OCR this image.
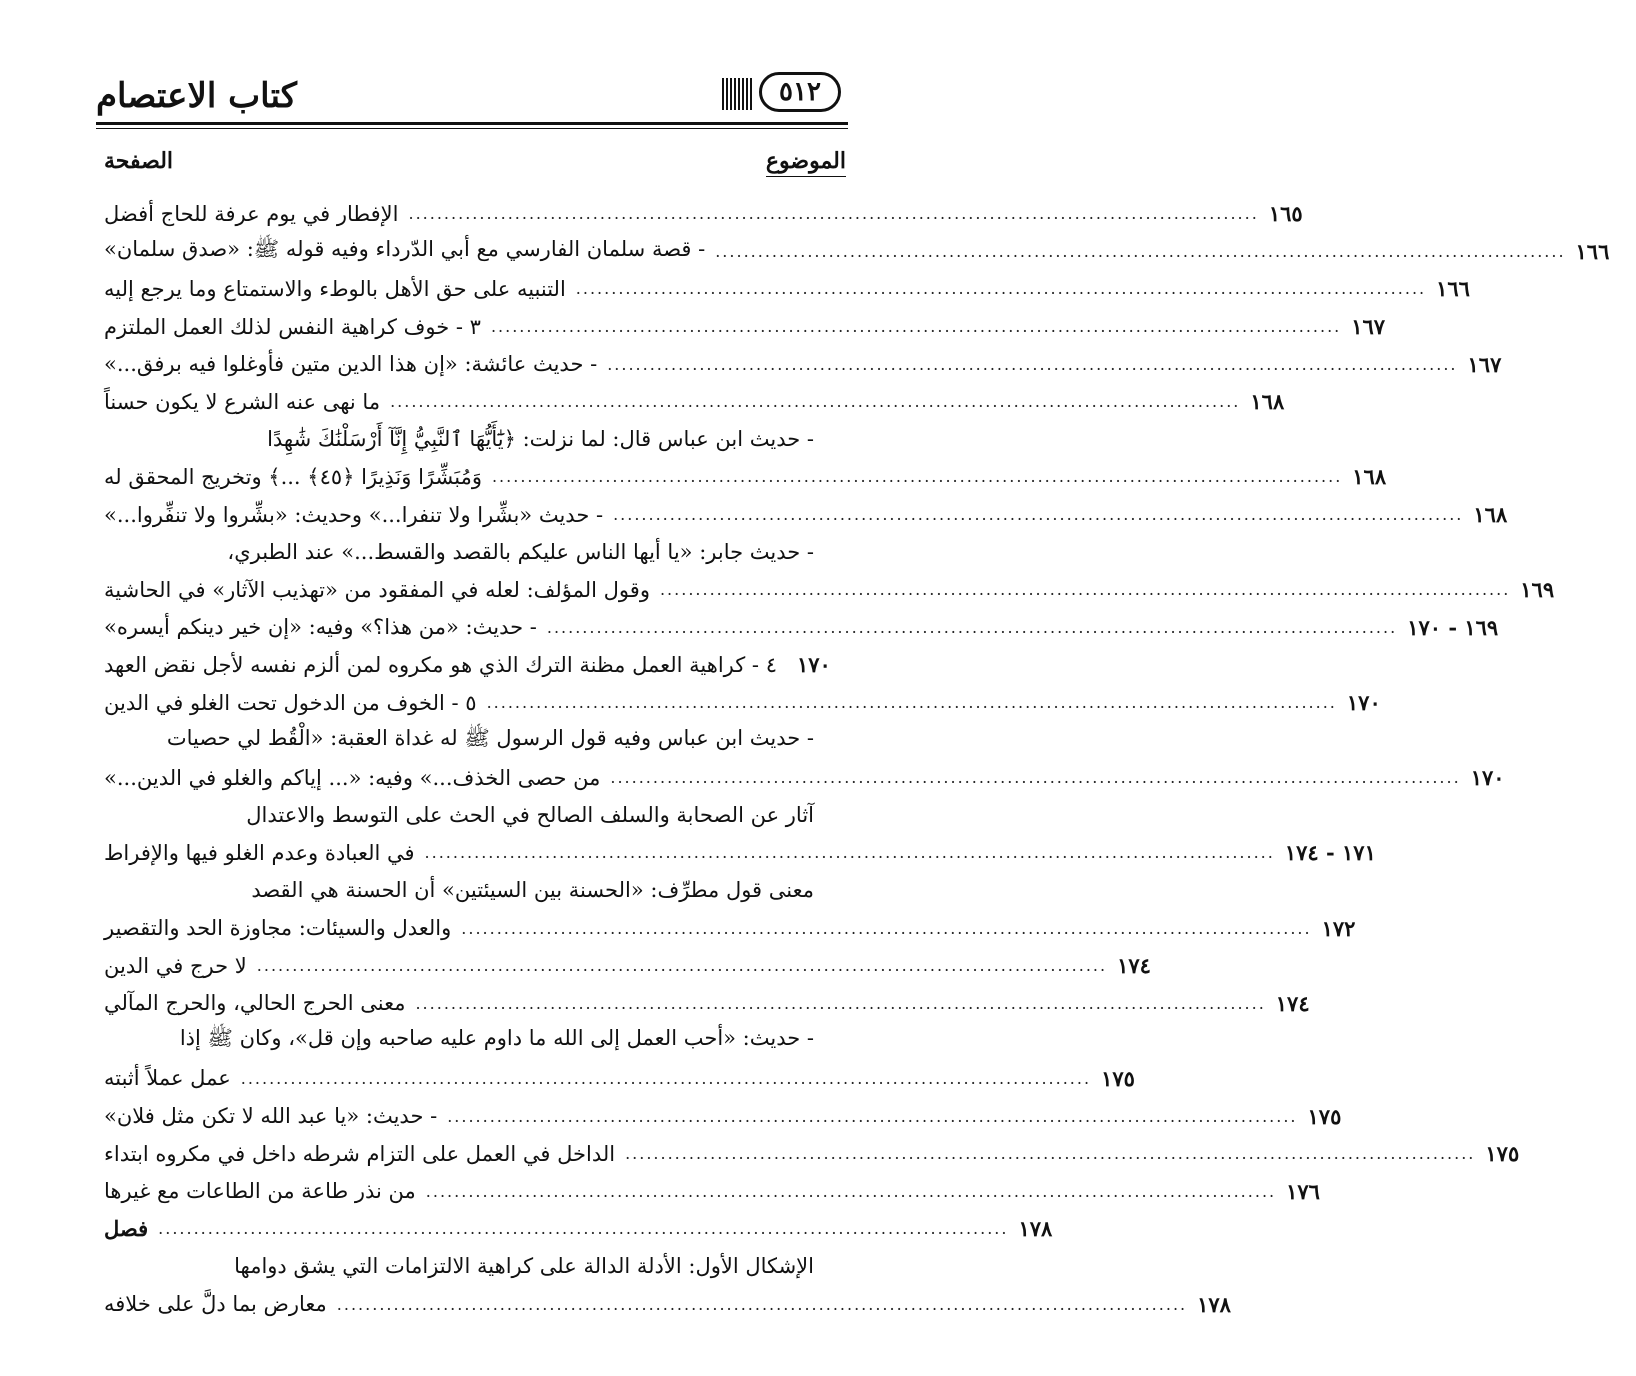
كتاب الاعتصام	٥١٢
الموضوع
الصفحة
الإفطار في يوم عرفة للحاج أفضل ........................................................................................................................ ١٦٥
- قصة سلمان الفارسي مع أبي الدّرداء وفيه قوله ﷺ: «صدق سلمان» ........................................................................................................................ ١٦٦
التنبيه على حق الأهل بالوطء والاستمتاع وما يرجع إليه ........................................................................................................................ ١٦٦
٣ - خوف كراهية النفس لذلك العمل الملتزم ........................................................................................................................ ١٦٧
- حديث عائشة: «إن هذا الدين متين فأوغلوا فيه برفق...» ........................................................................................................................ ١٦٧
ما نهى عنه الشرع لا يكون حسناً ........................................................................................................................ ١٦٨
- حديث ابن عباس قال: لما نزلت: ﴿يَٰٓأَيُّهَا ٱلنَّبِيُّ إِنَّآ أَرْسَلْنَٰكَ شَٰهِدًا
وَمُبَشِّرًا وَنَذِيرًا ﴿٤٥﴾ ...﴾ وتخريج المحقق له ........................................................................................................................ ١٦٨
- حديث «بشِّرا ولا تنفرا...» وحديث: «بشِّروا ولا تنفِّروا...» ........................................................................................................................ ١٦٨
- حديث جابر: «يا أيها الناس عليكم بالقصد والقسط...» عند الطبري،
وقول المؤلف: لعله في المفقود من «تهذيب الآثار» في الحاشية ........................................................................................................................ ١٦٩
- حديث: «من هذا؟» وفيه: «إن خير دينكم أيسره» ........................................................................................................................ ١٦٩ - ١٧٠
٤ - كراهية العمل مظنة الترك الذي هو مكروه لمن ألزم نفسه لأجل نقض العهد ١٧٠
٥ - الخوف من الدخول تحت الغلو في الدين ........................................................................................................................ ١٧٠
- حديث ابن عباس وفيه قول الرسول ﷺ له غداة العقبة: «الْقُط لي حصيات
من حصى الخذف...» وفيه: «... إياكم والغلو في الدين...» ........................................................................................................................ ١٧٠
آثار عن الصحابة والسلف الصالح في الحث على التوسط والاعتدال
في العبادة وعدم الغلو فيها والإفراط ........................................................................................................................ ١٧١ - ١٧٤
معنى قول مطرِّف: «الحسنة بين السيئتين» أن الحسنة هي القصد
والعدل والسيئات: مجاوزة الحد والتقصير ........................................................................................................................ ١٧٢
لا حرج في الدين ........................................................................................................................ ١٧٤
معنى الحرج الحالي، والحرج المآلي ........................................................................................................................ ١٧٤
- حديث: «أحب العمل إلى الله ما داوم عليه صاحبه وإن قل»، وكان ﷺ إذا
عمل عملاً أثبته ........................................................................................................................ ١٧٥
- حديث: «يا عبد الله لا تكن مثل فلان» ........................................................................................................................ ١٧٥
الداخل في العمل على التزام شرطه داخل في مكروه ابتداء ........................................................................................................................ ١٧٥
من نذر طاعة من الطاعات مع غيرها ........................................................................................................................ ١٧٦
فصل ........................................................................................................................ ١٧٨
الإشكال الأول: الأدلة الدالة على كراهية الالتزامات التي يشق دوامها
معارض بما دلَّ على خلافه ........................................................................................................................ ١٧٨
